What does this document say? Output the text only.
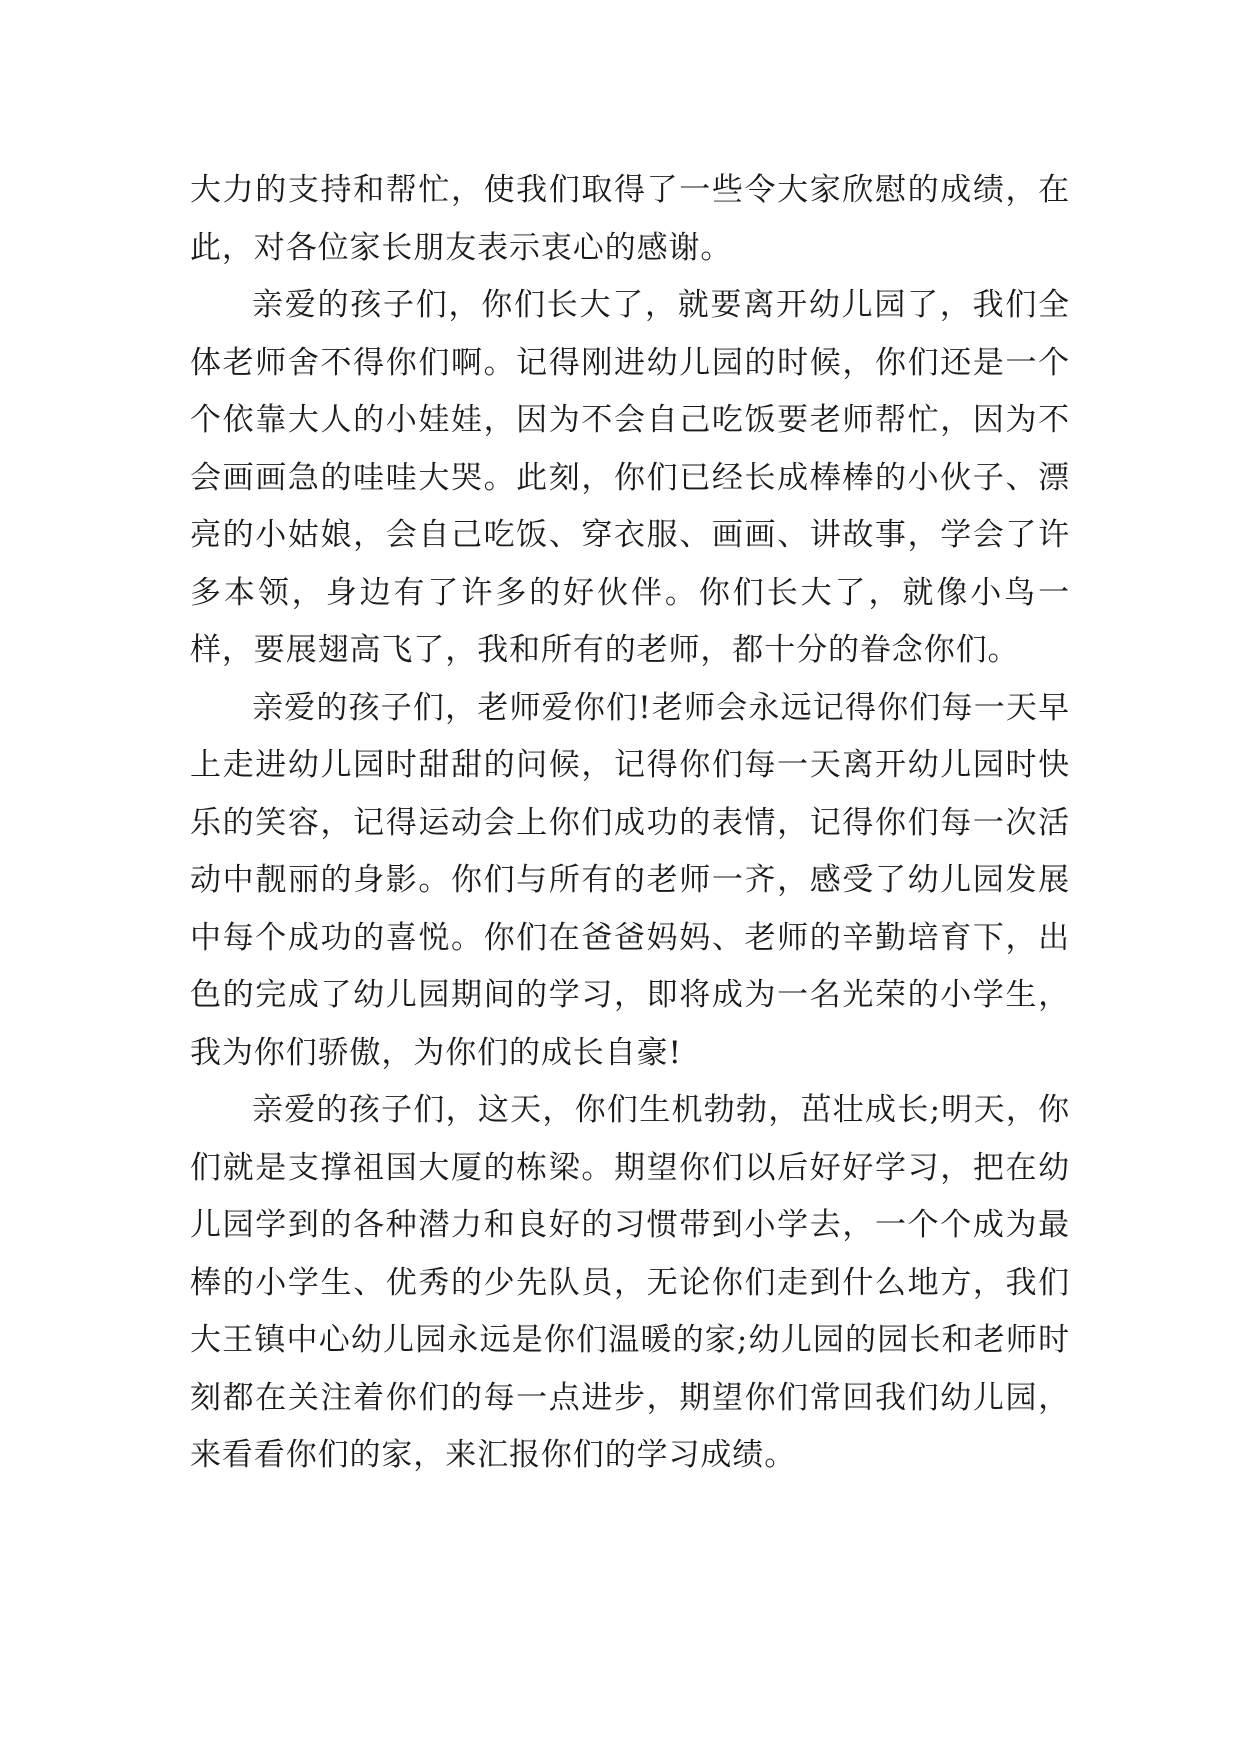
大力的支持和帮忙，使我们取得了一些令大家欣慰的成绩，在此，对各位家长朋友表示衷心的感谢。

亲爱的孩子们，你们长大了，就要离开幼儿园了，我们全体老师舍不得你们啊。记得刚进幼儿园的时候，你们还是一个个依靠大人的小娃娃，因为不会自己吃饭要老师帮忙，因为不会画画急的哇哇大哭。此刻，你们已经长成棒棒的小伙子、漂亮的小姑娘，会自己吃饭、穿衣服、画画、讲故事，学会了许多本领，身边有了许多的好伙伴。你们长大了，就像小鸟一样，要展翅高飞了，我和所有的老师，都十分的眷念你们。

亲爱的孩子们，老师爱你们!老师会永远记得你们每一天早上走进幼儿园时甜甜的问候，记得你们每一天离开幼儿园时快乐的笑容，记得运动会上你们成功的表情，记得你们每一次活动中靓丽的身影。你们与所有的老师一齐，感受了幼儿园发展中每个成功的喜悦。你们在爸爸妈妈、老师的辛勤培育下，出色的完成了幼儿园期间的学习，即将成为一名光荣的小学生，我为你们骄傲，为你们的成长自豪!

亲爱的孩子们，这天，你们生机勃勃，茁壮成长;明天，你们就是支撑祖国大厦的栋梁。期望你们以后好好学习，把在幼儿园学到的各种潜力和良好的习惯带到小学去，一个个成为最棒的小学生、优秀的少先队员，无论你们走到什么地方，我们大王镇中心幼儿园永远是你们温暖的家;幼儿园的园长和老师时刻都在关注着你们的每一点进步，期望你们常回我们幼儿园，来看看你们的家，来汇报你们的学习成绩。
